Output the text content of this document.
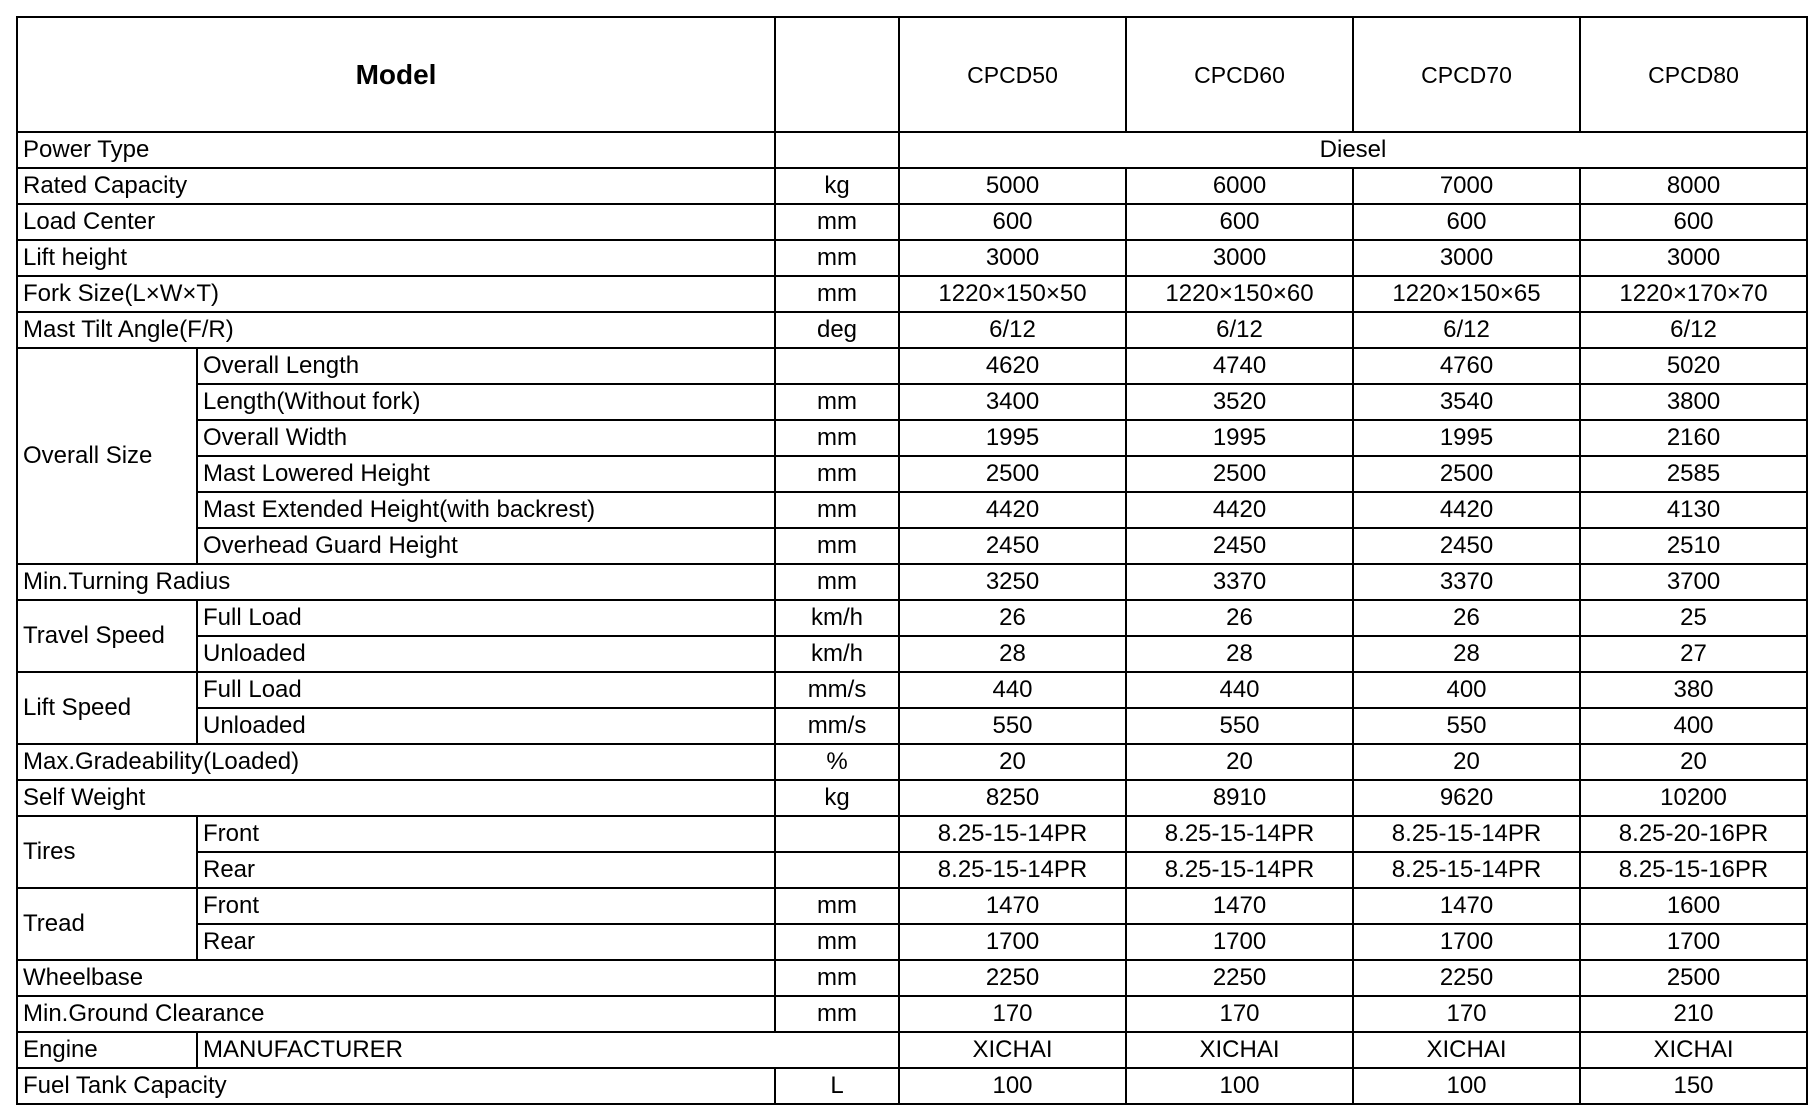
Model			CPCD50	CPCD60	CPCD70	CPCD80
Power Type			Diesel			
Rated Capacity		kg	5000	6000	7000	8000
Load Center		mm	600	600	600	600
Lift height		mm	3000	3000	3000	3000
Fork Size(L×W×T)		mm	1220×150×50	1220×150×60	1220×150×65	1220×170×70
Mast Tilt Angle(F/R)		deg	6/12	6/12	6/12	6/12
Overall Size	Overall Length		4620	4740	4760	5020
	Length(Without fork)	mm	3400	3520	3540	3800
	Overall Width	mm	1995	1995	1995	2160
	Mast Lowered Height	mm	2500	2500	2500	2585
	Mast Extended Height(with backrest)	mm	4420	4420	4420	4130
	Overhead Guard Height	mm	2450	2450	2450	2510
Min.Turning Radius		mm	3250	3370	3370	3700
Travel Speed	Full Load	km/h	26	26	26	25
	Unloaded	km/h	28	28	28	27
Lift Speed	Full Load	mm/s	440	440	400	380
	Unloaded	mm/s	550	550	550	400
Max.Gradeability(Loaded)		%	20	20	20	20
Self Weight		kg	8250	8910	9620	10200
Tires	Front		8.25-15-14PR	8.25-15-14PR	8.25-15-14PR	8.25-20-16PR
	Rear		8.25-15-14PR	8.25-15-14PR	8.25-15-14PR	8.25-15-16PR
Tread	Front	mm	1470	1470	1470	1600
	Rear	mm	1700	1700	1700	1700
Wheelbase		mm	2250	2250	2250	2500
Min.Ground Clearance		mm	170	170	170	210
Engine	MANUFACTURER		XICHAI	XICHAI	XICHAI	XICHAI
Fuel Tank Capacity		L	100	100	100	150
